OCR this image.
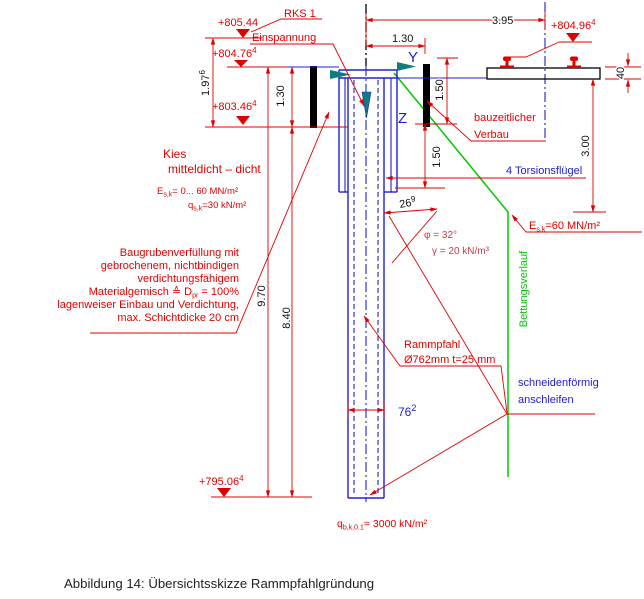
Bettungsverlauf
Y
Z
1.97$^6$
1.30
8.40
9.70
3.95
1.30
1.50
1.50
3.00
40
$76^2$
$26^9$
+805.44
$+804.76^4$
$+803.46^4$
$+804.96^4$
$+795.06^4$
RKS 1
Einspannung
bauzeitlicher
Verbau
4 Torsionsflügel
φ = 32°
γ = 20 kN/m³
$E_{s,k}=60$ MN/m²
Rammpfahl
Ø762mm t=25 mm
schneidenförmig
anschleifen
$q_{b,k,0.1}= 3000$ kN/m²
Kies
mitteldicht – dicht
$E_{s,k}= 0$... 60 MN/m²
$q_{s,k}=30$ kN/m²
Baugrubenverfüllung mit
gebrochenem, nichtbindigen
verdichtungsfähigem
Materialgemisch ≙ $D_{pr} = 100\%$
lagenweiser Einbau und Verdichtung,
max. Schichtdicke 20 cm
Abbildung 14: Übersichtsskizze Rammpfahlgründung
